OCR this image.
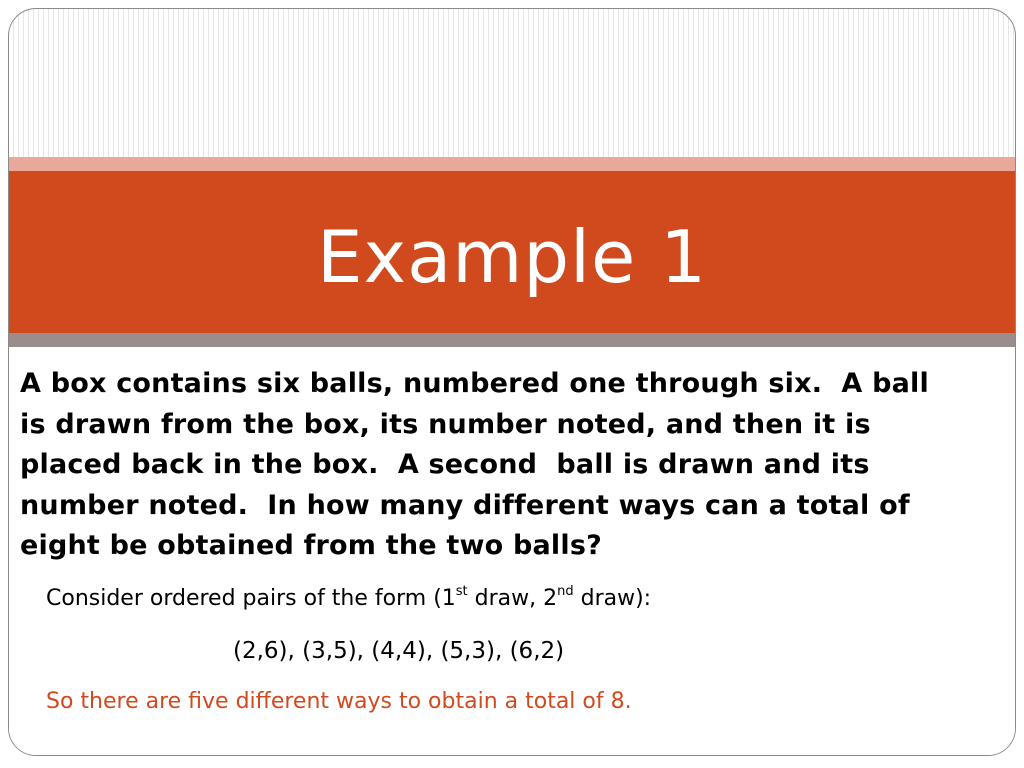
Example 1
A box contains six balls, numbered one through six.  A ball
is drawn from the box, its number noted, and then it is
placed back in the box.  A second  ball is drawn and its
number noted.  In how many different ways can a total of
eight be obtained from the two balls?

Consider ordered pairs of the form (1st draw, 2nd draw):

(2,6), (3,5), (4,4), (5,3), (6,2)

So there are five different ways to obtain a total of 8.
